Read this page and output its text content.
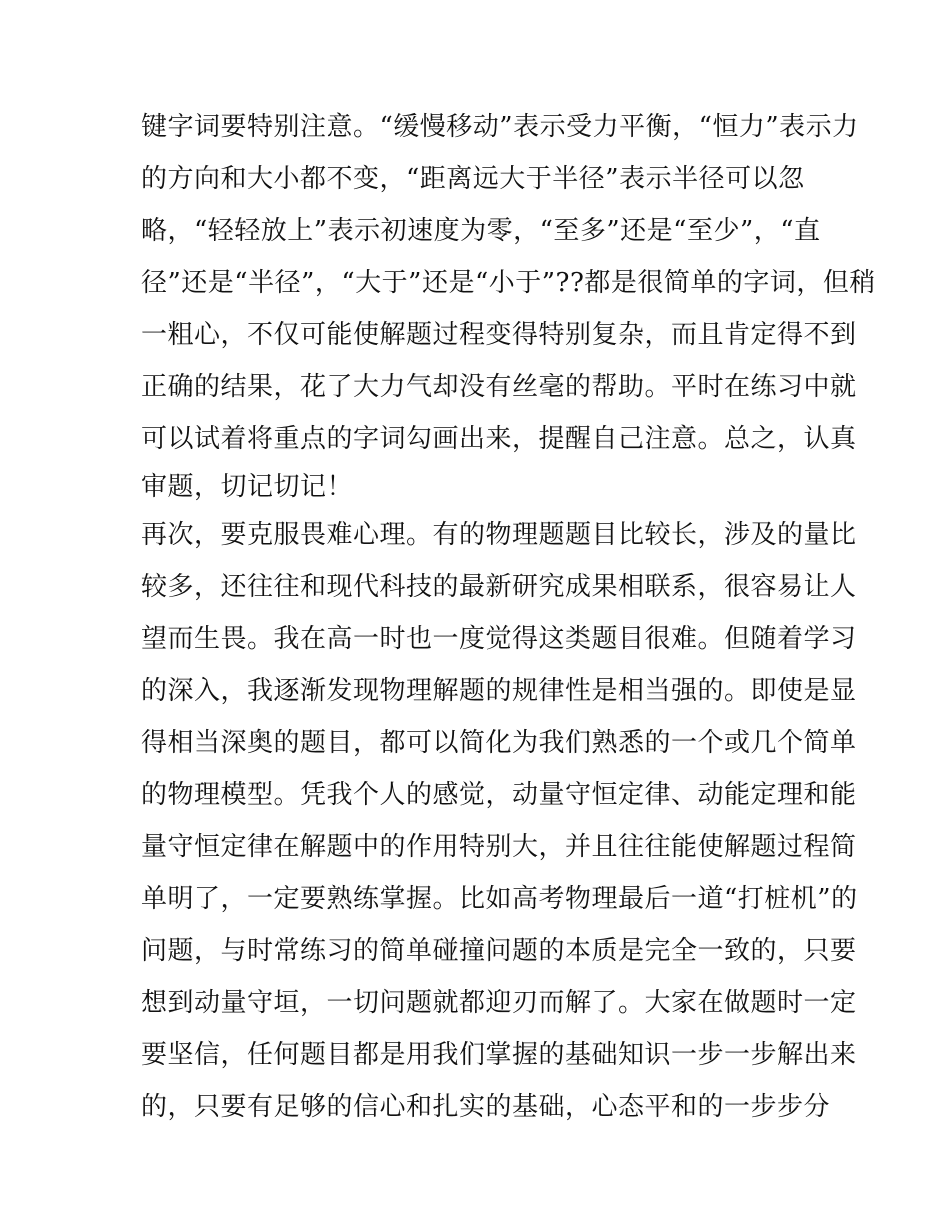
键字词要特别注意。“缓慢移动”表示受力平衡，“恒力”表示力
的方向和大小都不变，“距离远大于半径”表示半径可以忽
略，“轻轻放上”表示初速度为零，“至多”还是“至少”，“直
径”还是“半径”，“大于”还是“小于”??都是很简单的字词，但稍
一粗心，不仅可能使解题过程变得特别复杂，而且肯定得不到
正确的结果，花了大力气却没有丝毫的帮助。平时在练习中就
可以试着将重点的字词勾画出来，提醒自己注意。总之，认真
审题，切记切记！
再次，要克服畏难心理。有的物理题题目比较长，涉及的量比
较多，还往往和现代科技的最新研究成果相联系，很容易让人
望而生畏。我在高一时也一度觉得这类题目很难。但随着学习
的深入，我逐渐发现物理解题的规律性是相当强的。即使是显
得相当深奥的题目，都可以简化为我们熟悉的一个或几个简单
的物理模型。凭我个人的感觉，动量守恒定律、动能定理和能
量守恒定律在解题中的作用特别大，并且往往能使解题过程简
单明了，一定要熟练掌握。比如高考物理最后一道“打桩机”的
问题，与时常练习的简单碰撞问题的本质是完全一致的，只要
想到动量守垣，一切问题就都迎刃而解了。大家在做题时一定
要坚信，任何题目都是用我们掌握的基础知识一步一步解出来
的，只要有足够的信心和扎实的基础，心态平和的一步步分
